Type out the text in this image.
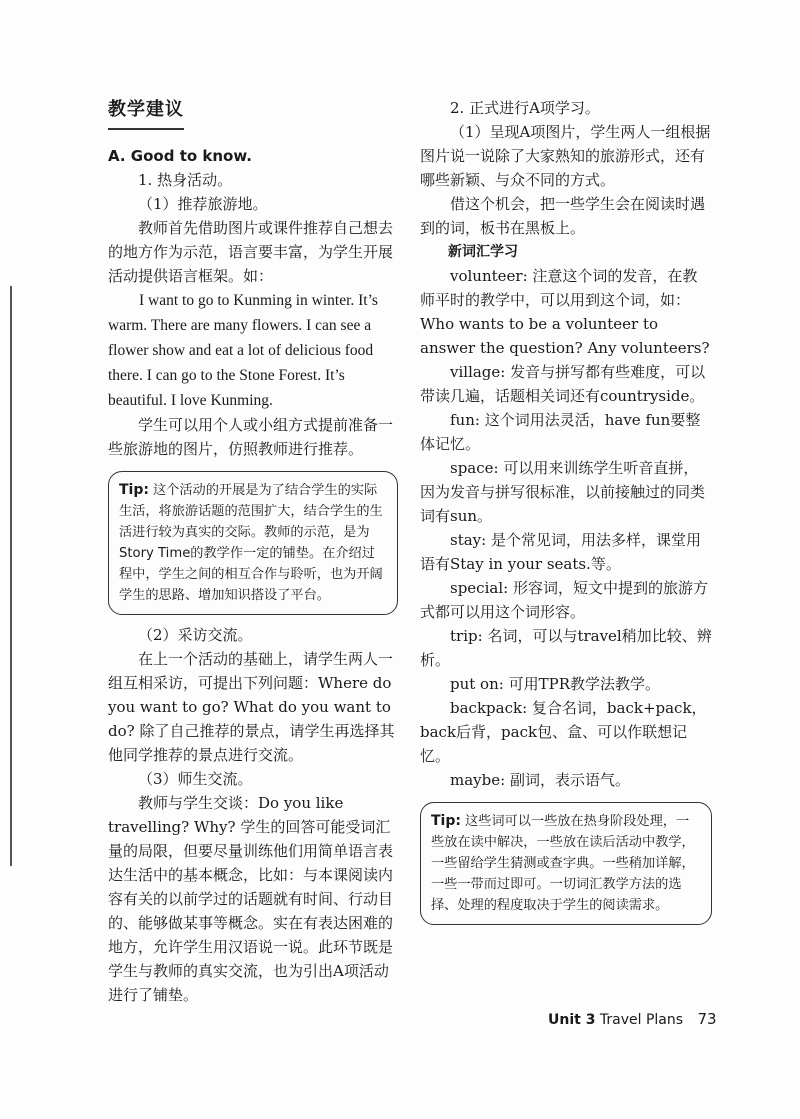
教学建议

A. Good to know.

1. 热身活动。

（1）推荐旅游地。

教师首先借助图片或课件推荐自己想去的地方作为示范，语言要丰富，为学生开展活动提供语言框架。如：

I want to go to Kunming in winter. It’s warm. There are many flowers. I can see a flower show and eat a lot of delicious food there. I can go to the Stone Forest. It’s beautiful. I love Kunming.

学生可以用个人或小组方式提前准备一些旅游地的图片，仿照教师进行推荐。

Tip: 这个活动的开展是为了结合学生的实际生活，将旅游话题的范围扩大，结合学生的生活进行较为真实的交际。教师的示范，是为Story Time的教学作一定的铺垫。在介绍过程中，学生之间的相互合作与聆听，也为开阔学生的思路、增加知识搭设了平台。

（2）采访交流。

在上一个活动的基础上，请学生两人一组互相采访，可提出下列问题：Where do you want to go? What do you want to do? 除了自己推荐的景点，请学生再选择其他同学推荐的景点进行交流。

（3）师生交流。

教师与学生交谈：Do you like travelling? Why? 学生的回答可能受词汇量的局限，但要尽量训练他们用简单语言表达生活中的基本概念，比如：与本课阅读内容有关的以前学过的话题就有时间、行动目的、能够做某事等概念。实在有表达困难的地方，允许学生用汉语说一说。此环节既是学生与教师的真实交流，也为引出A项活动进行了铺垫。

2. 正式进行A项学习。

（1）呈现A项图片，学生两人一组根据图片说一说除了大家熟知的旅游形式，还有哪些新颖、与众不同的方式。

借这个机会，把一些学生会在阅读时遇到的词，板书在黑板上。

新词汇学习

volunteer: 注意这个词的发音，在教师平时的教学中，可以用到这个词，如：Who wants to be a volunteer to answer the question? Any volunteers?

village: 发音与拼写都有些难度，可以带读几遍，话题相关词还有countryside。

fun: 这个词用法灵活，have fun要整体记忆。

space: 可以用来训练学生听音直拼，因为发音与拼写很标准，以前接触过的同类词有sun。

stay: 是个常见词，用法多样，课堂用语有Stay in your seats.等。

special: 形容词，短文中提到的旅游方式都可以用这个词形容。

trip: 名词，可以与travel稍加比较、辨析。

put on: 可用TPR教学法教学。

backpack: 复合名词，back+pack，back后背，pack包、盒、可以作联想记忆。

maybe: 副词，表示语气。

Tip: 这些词可以一些放在热身阶段处理，一些放在读中解决，一些放在读后活动中教学，一些留给学生猜测或查字典。一些稍加详解，一些一带而过即可。一切词汇教学方法的选择、处理的程度取决于学生的阅读需求。
Unit 3 Travel Plans 73
